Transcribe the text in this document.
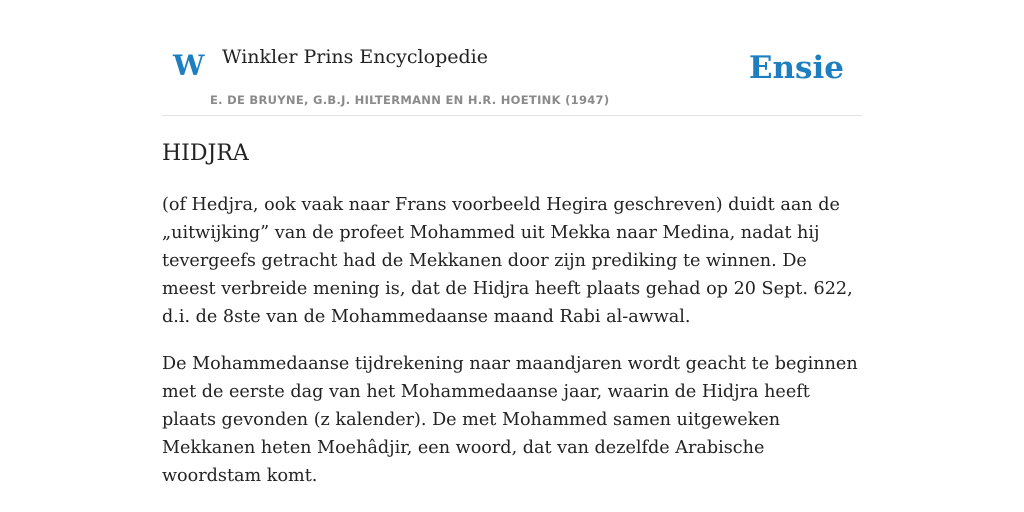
W Winkler Prins Encyclopedie
E. DE BRUYNE, G.B.J. HILTERMANN EN H.R. HOETINK (1947)
Ensie
HIDJRA

(of Hedjra, ook vaak naar Frans voorbeeld Hegira geschreven) duidt aan de „uitwijking” van de profeet Mohammed uit Mekka naar Medina, nadat hij tevergeefs getracht had de Mekkanen door zijn prediking te winnen. De meest verbreide mening is, dat de Hidjra heeft plaats gehad op 20 Sept. 622, d.i. de 8ste van de Mohammedaanse maand Rabi al-awwal.

De Mohammedaanse tijdrekening naar maandjaren wordt geacht te beginnen met de eerste dag van het Mohammedaanse jaar, waarin de Hidjra heeft plaats gevonden (z kalender). De met Mohammed samen uitgeweken Mekkanen heten Moehâdjir, een woord, dat van dezelfde Arabische woordstam komt.
